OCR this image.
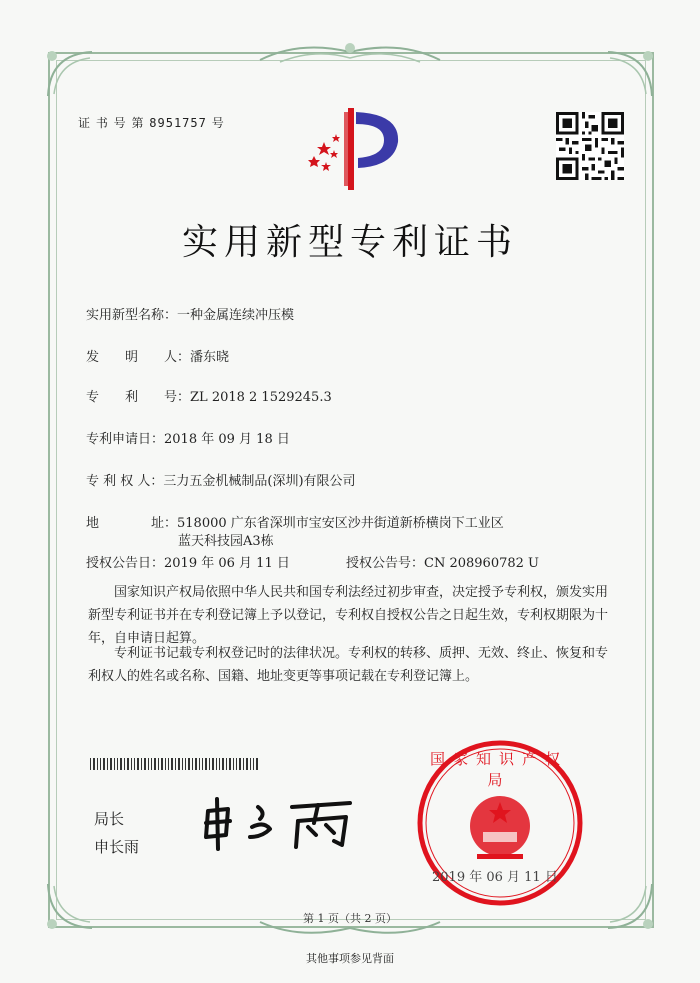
证 书 号 第 8951757 号
实用新型专利证书
实用新型名称：一种金属连续冲压模
发　　明　　人：潘东晓
专　　利　　号：ZL 2018 2 1529245.3
专利申请日：2018 年 09 月 18 日
专 利 权 人：三力五金机械制品(深圳)有限公司
地　　　　址：518000 广东省深圳市宝安区沙井街道新桥横岗下工业区
蓝天科技园A3栋
授权公告日：2019 年 06 月 11 日	授权公告号：CN 208960782 U
国家知识产权局依照中华人民共和国专利法经过初步审查，决定授予专利权，颁发实用
新型专利证书并在专利登记簿上予以登记，专利权自授权公告之日起生效，专利权期限为十
年，自申请日起算。
专利证书记载专利权登记时的法律状况。专利权的转移、质押、无效、终止、恢复和专
利权人的姓名或名称、国籍、地址变更等事项记载在专利登记簿上。
局长
申长雨
国家知识产权局
2019 年 06 月 11 日
第 1 页（共 2 页）
其他事项参见背面
